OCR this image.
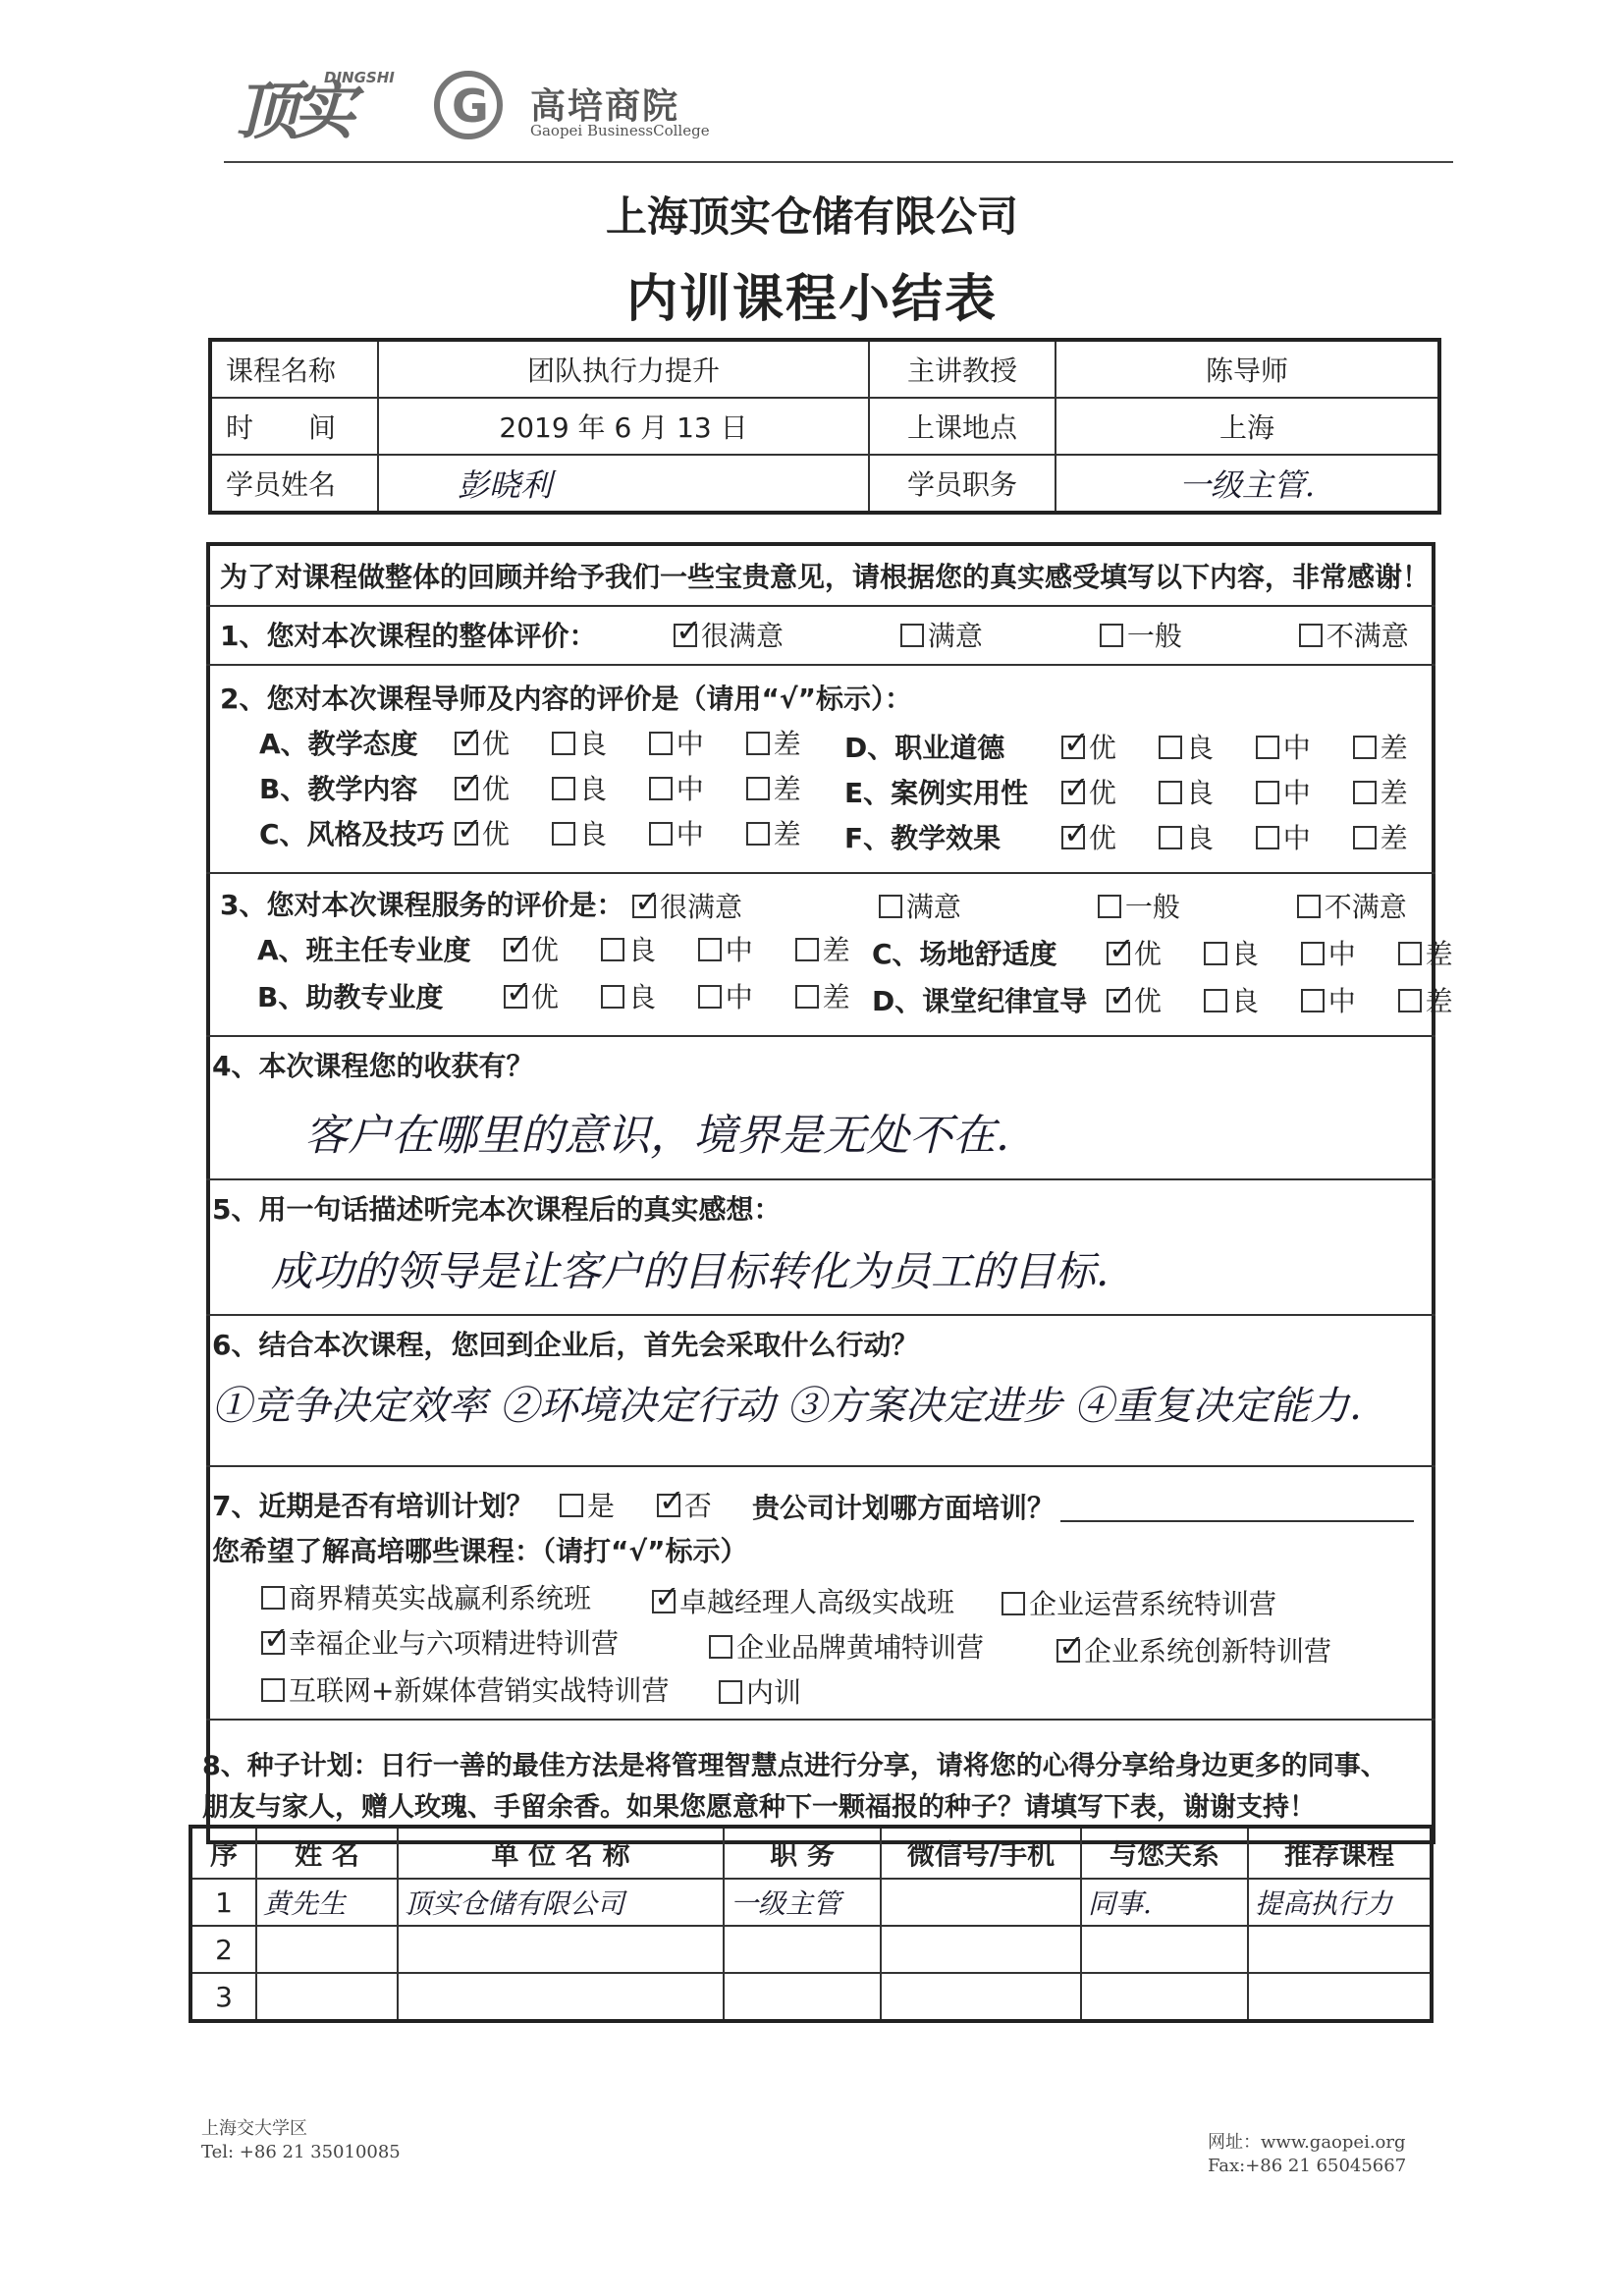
顶实
DINGSHI
G 高培商院
Gaopei BusinessCollege
上海顶实仓储有限公司
内训课程小结表
课程名称	团队执行力提升	主讲教授	陈导师
时　　间	2019 年 6 月 13 日	上课地点	上海
学员姓名	彭晓利	学员职务	一级主管.
为了对课程做整体的回顾并给予我们一些宝贵意见，请根据您的真实感受填写以下内容，非常感谢！
1、您对本次课程的整体评价： ✓	很满意	满意	一般	不满意
2、您对本次课程导师及内容的评价是（请用“√”标示）：
A、教学态度 ✓ 优	良	中	差
B、教学内容 ✓ 优	良	中	差
C、风格及技巧 ✓ 优	良	中	差
D、职业道德 ✓	优	良	中	差
E、案例实用性 ✓ 优	良	中	差
F、教学效果 ✓	优	良	中	差
3、您对本次课程服务的评价是： ✓	很满意	满意	一般	不满意
A、班主任专业度 ✓ 优	良	中	差
B、助教专业度 ✓	优	良	中	差
C、场地舒适度 ✓	优	良	中	差
D、课堂纪律宣导 ✓ 优	良	中	差
4、本次课程您的收获有？
客户在哪里的意识，境界是无处不在.
5、用一句话描述听完本次课程后的真实感想：
成功的领导是让客户的目标转化为员工的目标.
6、结合本次课程，您回到企业后，首先会采取什么行动？
①竞争决定效率 ②环境决定行动 ③方案决定进步 ④重复决定能力.
7、近期是否有培训计划？	是 ✓	否	贵公司计划哪方面培训？
您希望了解高培哪些课程：（请打“√”标示）
商界精英实战赢利系统班 ✓	卓越经理人高级实战班	企业运营系统特训营
✓幸福企业与六项精进特训营	企业品牌黄埔特训营 ✓	企业系统创新特训营
互联网+新媒体营销实战特训营	内训
8、种子计划：日行一善的最佳方法是将管理智慧点进行分享，请将您的心得分享给身边更多的同事、
朋友与家人，赠人玫瑰、手留余香。如果您愿意种下一颗福报的种子？请填写下表，谢谢支持！
序	姓 名	单 位 名 称	职 务	微信号/手机	与您关系	推荐课程
1	黄先生	顶实仓储有限公司	一级主管		同事.	提高执行力
2						
3						
上海交大学区
Tel: +86 21 35010085	网址：www.gaopei.org
Fax:+86 21 65045667
